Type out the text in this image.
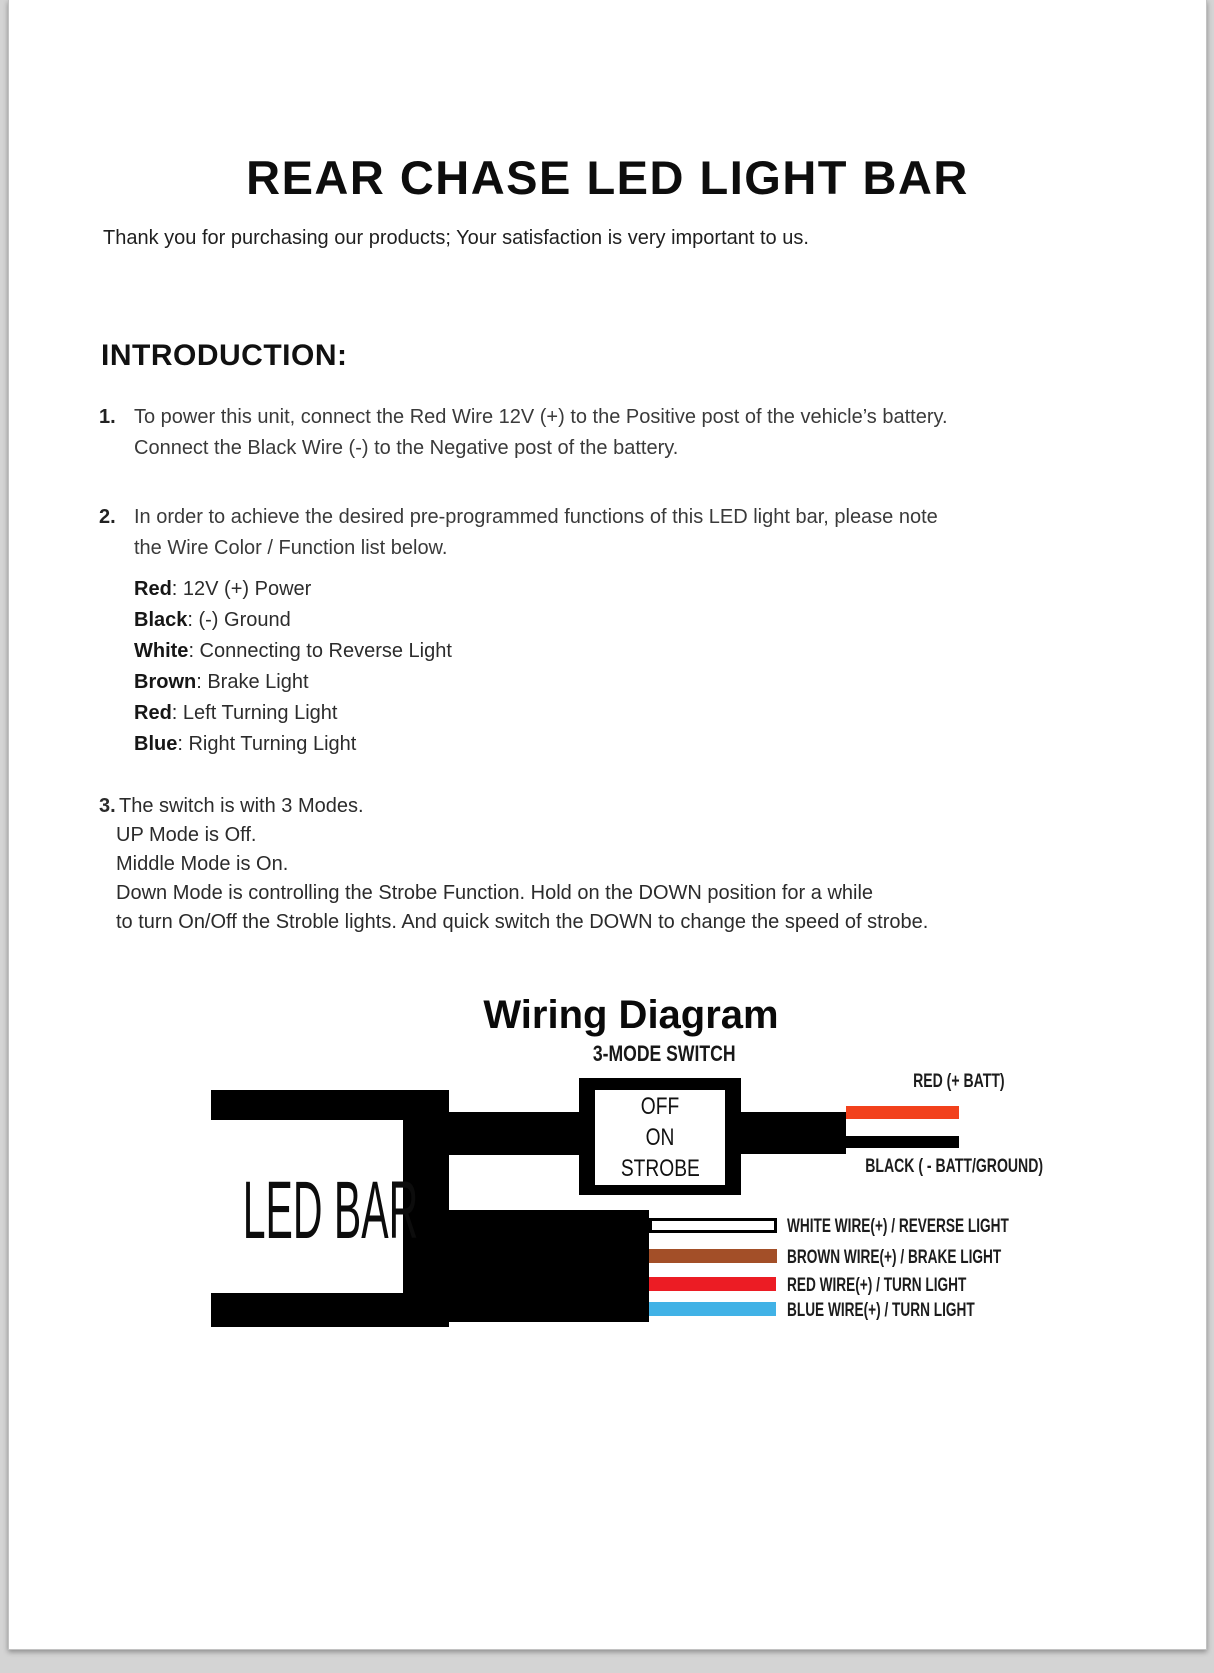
REAR CHASE LED LIGHT BAR
Thank you for purchasing our products; Your satisfaction is very important to us.
INTRODUCTION:
1. To power this unit, connect the Red Wire 12V (+) to the Positive post of the vehicle’s battery.
Connect the Black Wire (-) to the Negative post of the battery.
2. In order to achieve the desired pre-programmed functions of this LED light bar, please note
the Wire Color / Function list below.
Red: 12V (+) Power
Black: (-) Ground
White: Connecting to Reverse Light
Brown: Brake Light
Red: Left Turning Light
Blue: Right Turning Light
3. The switch is with 3 Modes.
UP Mode is Off.
Middle Mode is On.
Down Mode is controlling the Strobe Function. Hold on the DOWN position for a while
to turn On/Off the Stroble lights. And quick switch the DOWN to change the speed of strobe.
Wiring Diagram
3-MODE SWITCH
LED BAR
OFF
ON
STROBE
RED (+ BATT)
BLACK ( - BATT/GROUND)
WHITE WIRE(+) / REVERSE LIGHT
BROWN WIRE(+) / BRAKE LIGHT
RED WIRE(+) / TURN LIGHT
BLUE WIRE(+) / TURN LIGHT
